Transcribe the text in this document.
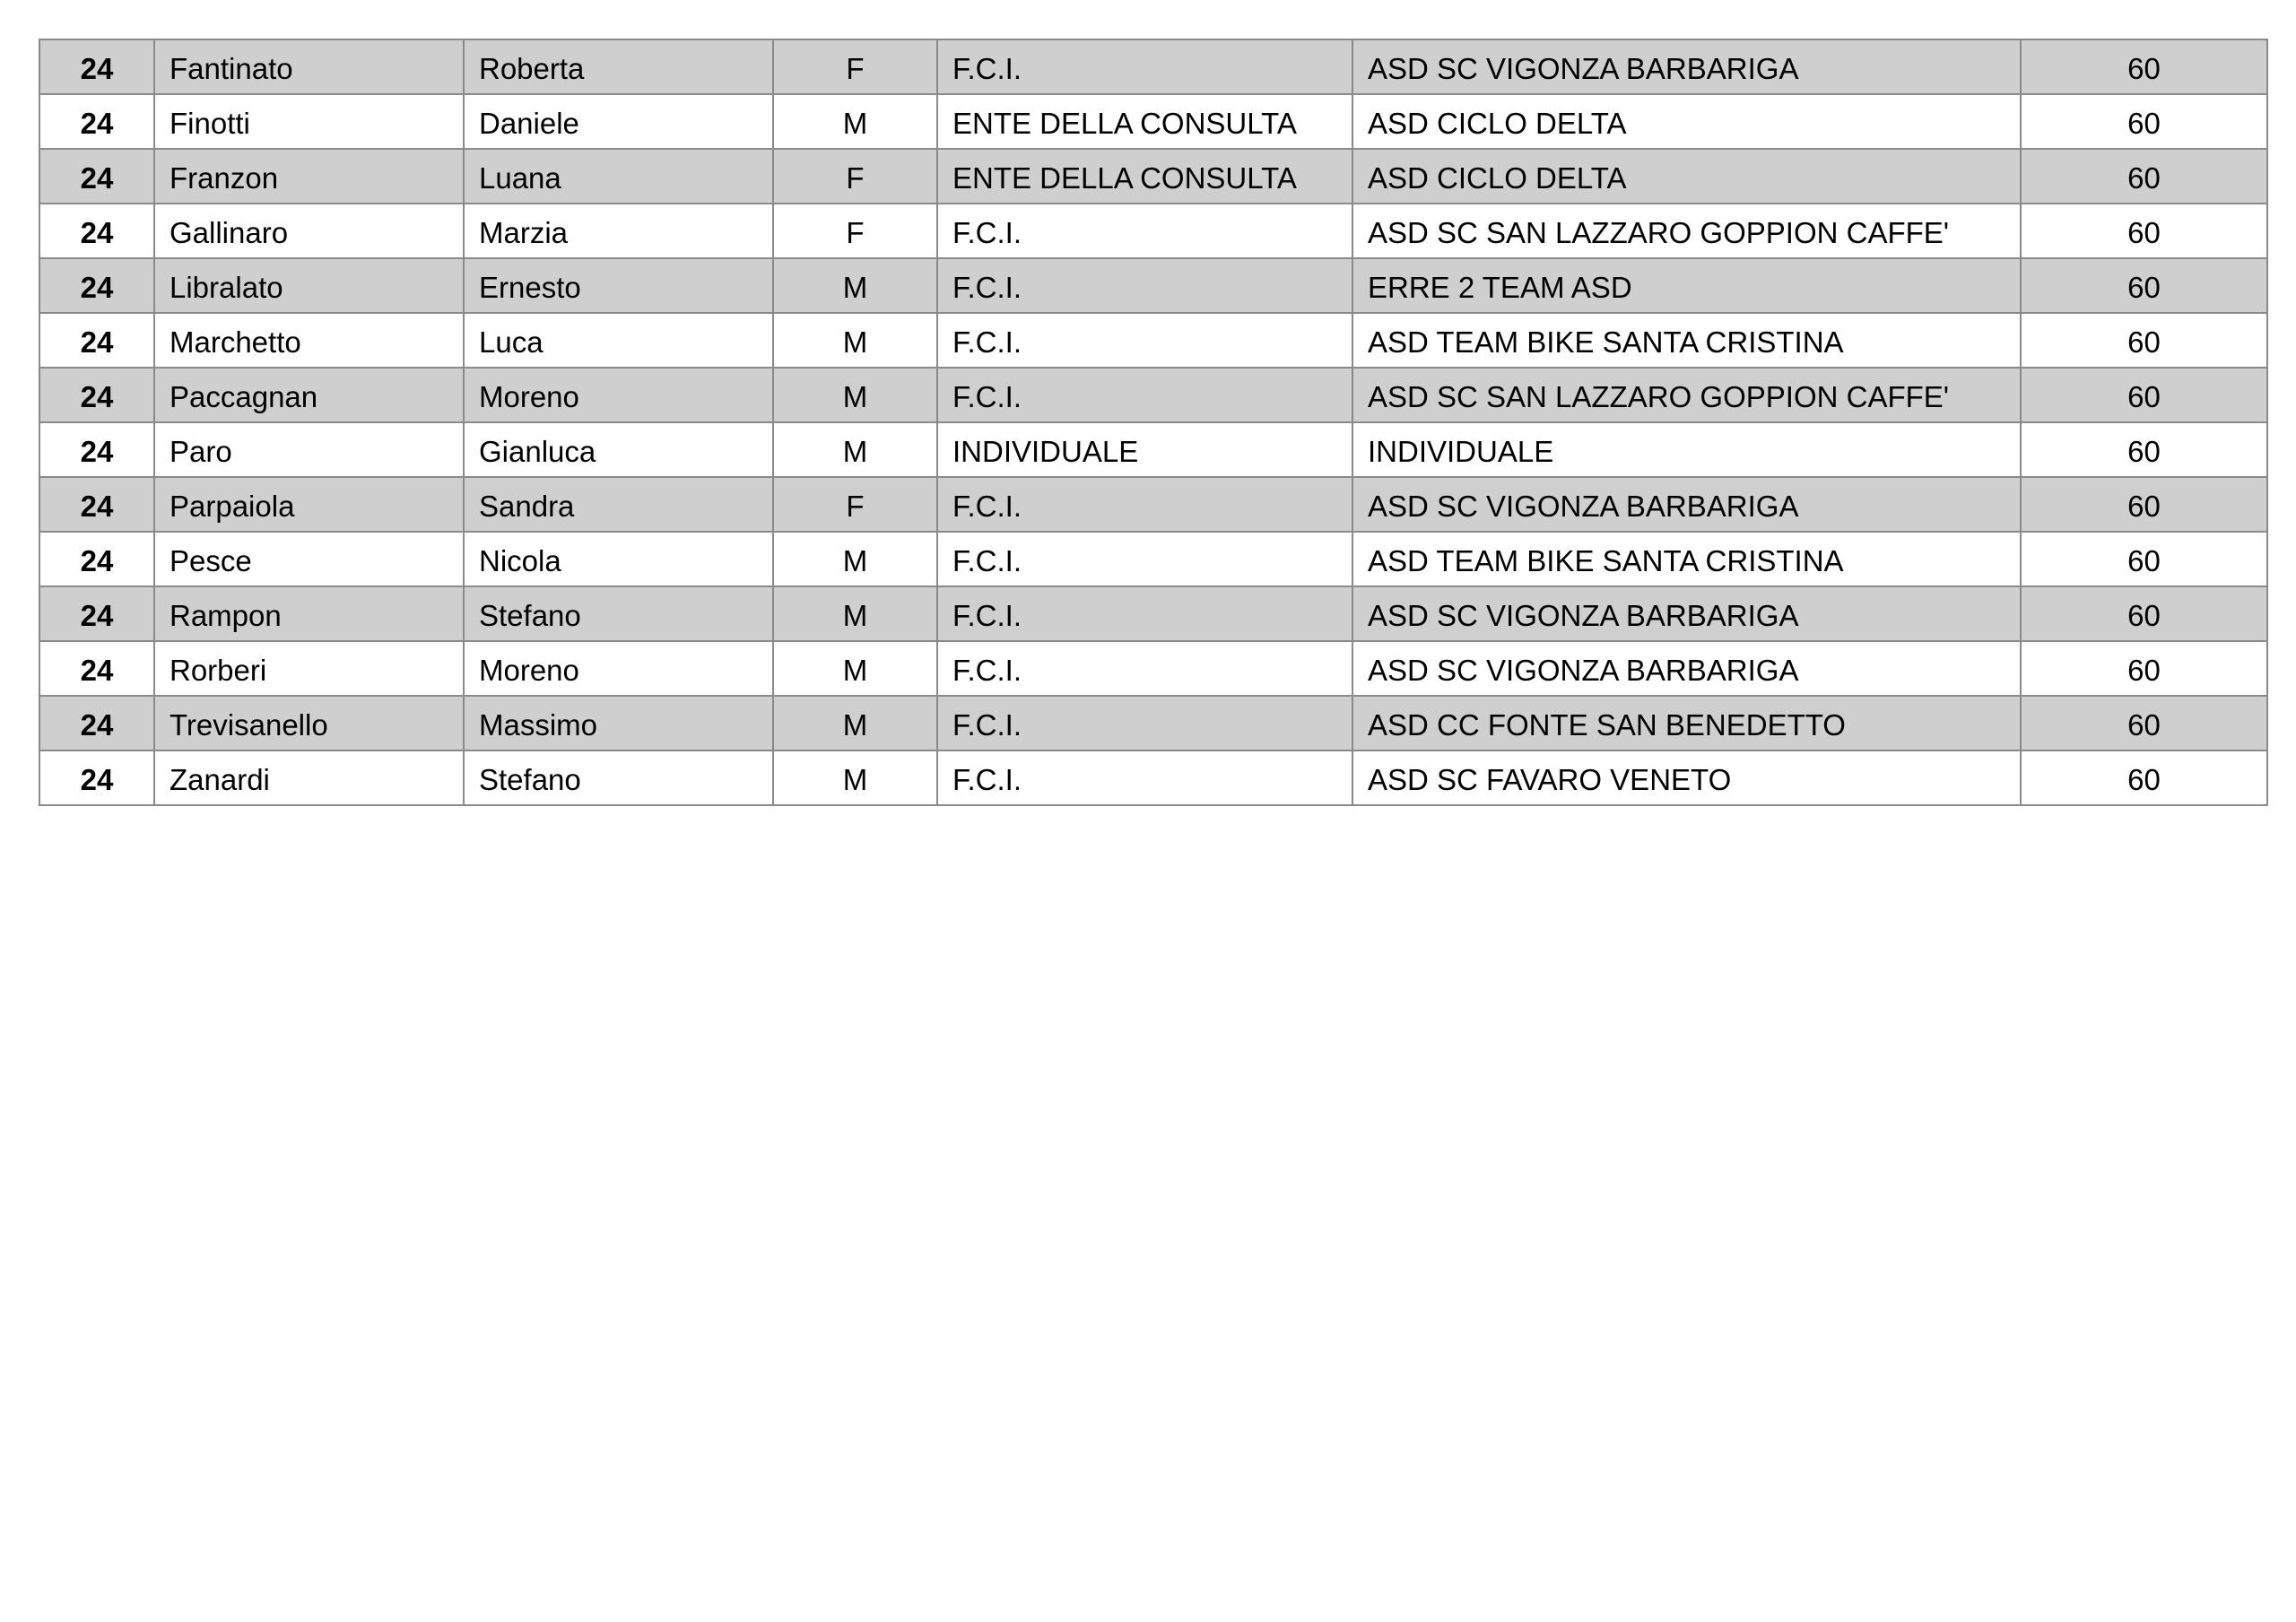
24	Fantinato	Roberta	F	F.C.I.	ASD SC VIGONZA BARBARIGA	60
24	Finotti	Daniele	M	ENTE DELLA CONSULTA	ASD CICLO DELTA	60
24	Franzon	Luana	F	ENTE DELLA CONSULTA	ASD CICLO DELTA	60
24	Gallinaro	Marzia	F	F.C.I.	ASD SC SAN LAZZARO GOPPION CAFFE'	60
24	Libralato	Ernesto	M	F.C.I.	ERRE 2 TEAM ASD	60
24	Marchetto	Luca	M	F.C.I.	ASD TEAM BIKE SANTA CRISTINA	60
24	Paccagnan	Moreno	M	F.C.I.	ASD SC SAN LAZZARO GOPPION CAFFE'	60
24	Paro	Gianluca	M	INDIVIDUALE	INDIVIDUALE	60
24	Parpaiola	Sandra	F	F.C.I.	ASD SC VIGONZA BARBARIGA	60
24	Pesce	Nicola	M	F.C.I.	ASD TEAM BIKE SANTA CRISTINA	60
24	Rampon	Stefano	M	F.C.I.	ASD SC VIGONZA BARBARIGA	60
24	Rorberi	Moreno	M	F.C.I.	ASD SC VIGONZA BARBARIGA	60
24	Trevisanello	Massimo	M	F.C.I.	ASD CC FONTE SAN BENEDETTO	60
24	Zanardi	Stefano	M	F.C.I.	ASD SC FAVARO VENETO	60
